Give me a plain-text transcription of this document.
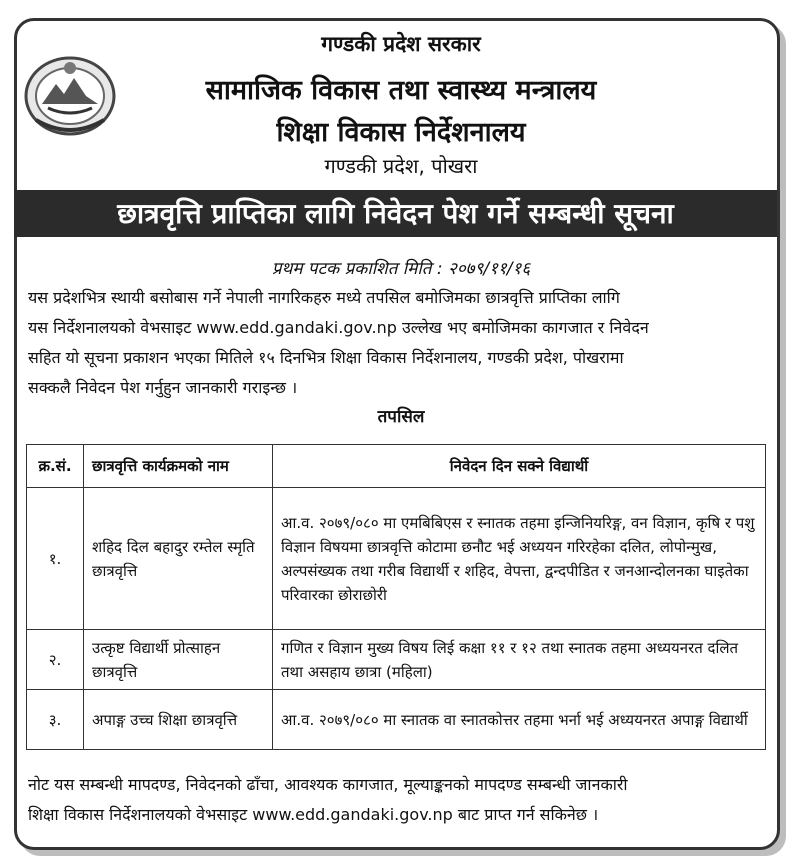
गण्डकी प्रदेश सरकार
सामाजिक विकास तथा स्वास्थ्य मन्त्रालय
शिक्षा विकास निर्देशनालय
गण्डकी प्रदेश, पोखरा
छात्रवृत्ति प्राप्तिका लागि निवेदन पेश गर्ने सम्बन्धी सूचना
प्रथम पटक प्रकाशित मिति : २०७९/११/१६
यस प्रदेशभित्र स्थायी बसोबास गर्ने नेपाली नागरिकहरु मध्ये तपसिल बमोजिमका छात्रवृत्ति प्राप्तिका लागि
यस निर्देशनालयको वेभसाइट www.edd.gandaki.gov.np उल्लेख भए बमोजिमका कागजात र निवेदन
सहित यो सूचना प्रकाशन भएका मितिले १५ दिनभित्र शिक्षा विकास निर्देशनालय, गण्डकी प्रदेश, पोखरामा
सक्कलै निवेदन पेश गर्नुहुन जानकारी गराइन्छ ।
तपसिल
क्र.सं.	छात्रवृत्ति कार्यक्रमको नाम	निवेदन दिन सक्ने विद्यार्थी
१.	शहिद दिल बहादुर रम्तेल स्मृति छात्रवृत्ति	आ.व. २०७९/०८० मा एमबिबिएस र स्नातक तहमा इन्जिनियरिङ्ग, वन विज्ञान, कृषि र पशु विज्ञान विषयमा छात्रवृत्ति कोटामा छनौट भई अध्ययन गरिरहेका दलित, लोपोन्मुख, अल्पसंख्यक तथा गरीब विद्यार्थी र शहिद, वेपत्ता, द्वन्दपीडित र जनआन्दोलनका घाइतेका परिवारका छोराछोरी
२.	उत्कृष्ट विद्यार्थी प्रोत्साहन छात्रवृत्ति	गणित र विज्ञान मुख्य विषय लिई कक्षा ११ र १२ तथा स्नातक तहमा अध्ययनरत दलित तथा असहाय छात्रा (महिला)
३.	अपाङ्ग उच्च शिक्षा छात्रवृत्ति	आ.व. २०७९/०८० मा स्नातक वा स्नातकोत्तर तहमा भर्ना भई अध्ययनरत अपाङ्ग विद्यार्थी
नोट यस सम्बन्धी मापदण्ड, निवेदनको ढाँचा, आवश्यक कागजात, मूल्याङ्कनको मापदण्ड सम्बन्धी जानकारी
शिक्षा विकास निर्देशनालयको वेभसाइट www.edd.gandaki.gov.np बाट प्राप्त गर्न सकिनेछ ।
